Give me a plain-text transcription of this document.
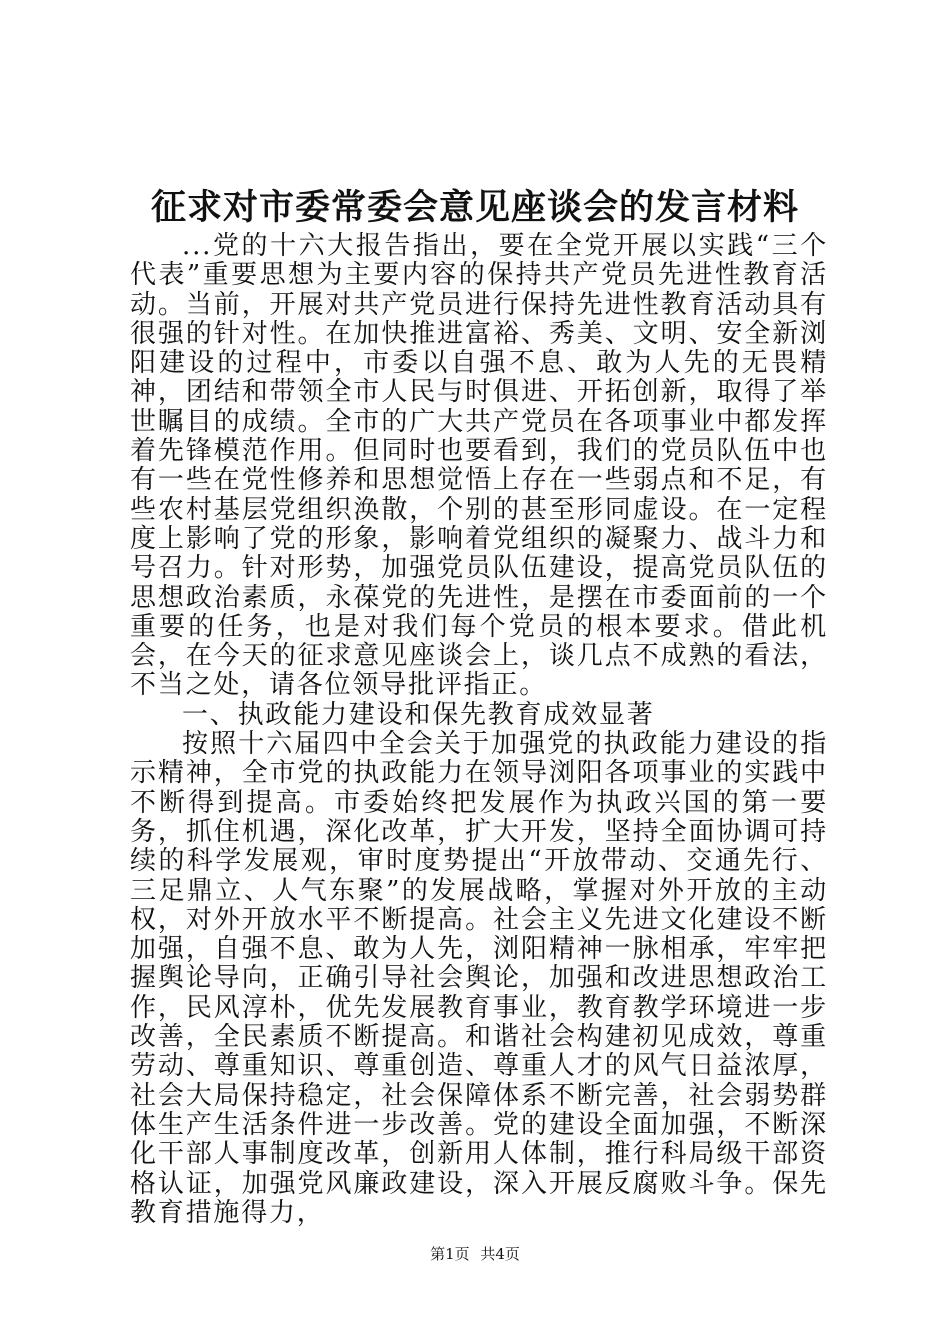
征求对市委常委会意见座谈会的发言材料

...党的十六大报告指出，要在全党开展以实践“三个代表”重要思想为主要内容的保持共产党员先进性教育活动。当前，开展对共产党员进行保持先进性教育活动具有很强的针对性。在加快推进富裕、秀美、文明、安全新浏阳建设的过程中，市委以自强不息、敢为人先的无畏精神，团结和带领全市人民与时俱进、开拓创新，取得了举世瞩目的成绩。全市的广大共产党员在各项事业中都发挥着先锋模范作用。但同时也要看到，我们的党员队伍中也有一些在党性修养和思想觉悟上存在一些弱点和不足，有些农村基层党组织涣散，个别的甚至形同虚设。在一定程度上影响了党的形象，影响着党组织的凝聚力、战斗力和号召力。针对形势，加强党员队伍建设，提高党员队伍的思想政治素质，永葆党的先进性，是摆在市委面前的一个重要的任务，也是对我们每个党员的根本要求。借此机会，在今天的征求意见座谈会上，谈几点不成熟的看法，不当之处，请各位领导批评指正。

一、执政能力建设和保先教育成效显著

按照十六届四中全会关于加强党的执政能力建设的指示精神，全市党的执政能力在领导浏阳各项事业的实践中不断得到提高。市委始终把发展作为执政兴国的第一要务，抓住机遇，深化改革，扩大开发，坚持全面协调可持续的科学发展观，审时度势提出“开放带动、交通先行、三足鼎立、人气东聚”的发展战略，掌握对外开放的主动权，对外开放水平不断提高。社会主义先进文化建设不断加强，自强不息、敢为人先，浏阳精神一脉相承，牢牢把握舆论导向，正确引导社会舆论，加强和改进思想政治工作，民风淳朴，优先发展教育事业，教育教学环境进一步改善，全民素质不断提高。和谐社会构建初见成效，尊重劳动、尊重知识、尊重创造、尊重人才的风气日益浓厚，社会大局保持稳定，社会保障体系不断完善，社会弱势群体生产生活条件进一步改善。党的建设全面加强，不断深化干部人事制度改革，创新用人体制，推行科局级干部资格认证，加强党风廉政建设，深入开展反腐败斗争。保先教育措施得力，

第1页 共4页
